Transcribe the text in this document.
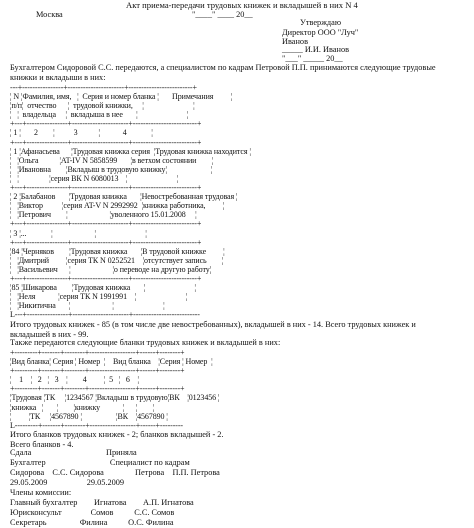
Акт приема-передачи трудовых книжек и вкладышей в них N 4
Москва	"____" ____ 20__
Утверждаю
Директор ООО "Луч"
Иванов
_____ И.И. Иванов
"___" _____ 20__
Бухгалтером Сидоровой С.С. передаются, а специалистом по кадрам Петровой П.П. принимаются следующие трудовые
книжки и вкладыши в них:
---+----------------+----------------------+-------------------------+
¦ N ¦Фамилия, имя,   ¦  Серия и номер бланка ¦       Примечания         ¦
¦п/п¦  отчество      ¦  трудовой книжки,     ¦                          ¦
¦   ¦  владельца     ¦  вкладыша в нее       ¦                          ¦
+---+----------------+----------------------+-------------------------+
¦ 1 ¦       2        ¦          3           ¦            4             ¦
+---+----------------+----------------------+-------------------------+
¦ 1 ¦Афанасьева      ¦Трудовая книжка серия  ¦Трудовая книжка находится ¦
¦   ¦Ольга           ¦AT-IV N 5858599       ¦в ветхом состоянии        ¦
¦   ¦Ивановна        ¦Вкладыш в трудовую книжку¦                       ¦
¦   ¦                ¦серия ВК N 6080013    ¦                          ¦
+---+----------------+----------------------+-------------------------+
¦ 2 ¦Балабанов       ¦Трудовая книжка       ¦Невостребованная трудовая ¦
¦   ¦Виктор          ¦серия AT-V N 2992992  ¦книжка работника,         ¦
¦   ¦Петрович        ¦                      ¦уволенного 15.01.2008     ¦
+---+----------------+----------------------+-------------------------+
¦ 3 ¦...             ¦                      ¦                          ¦
+---+----------------+----------------------+-------------------------+
¦84 ¦Черняков        ¦Трудовая книжка       ¦В трудовой книжке         ¦
¦   ¦Дмитрий         ¦серия ТК N 0252521    ¦отсутствует запись        ¦
¦   ¦Васильевич      ¦                      ¦о переводе на другую работу¦
+---+----------------+----------------------+-------------------------+
¦85 ¦Шикарова        ¦Трудовая книжка       ¦                          ¦
¦   ¦Неля            ¦серия ТК N 1991991    ¦                          ¦
¦   ¦Никитична       ¦                      ¦                          ¦
L---+----------------+----------------------+--------------------------
Итого трудовых книжек - 85 (в том числе две невостребованных), вкладышей в них - 14. Всего трудовых книжек и
вкладышей в них - 99.
Также передаются следующие бланки трудовых книжек и вкладышей в них:
+---------+-------+--------+------------------+------+--------+
¦Вид бланка¦ Серия ¦ Номер  ¦    Вид бланка    ¦Серия ¦ Номер  ¦
+---------+-------+--------+------------------+------+--------+
¦    1    ¦   2   ¦   3    ¦        4         ¦  5   ¦   6    ¦
+---------+-------+--------+------------------+------+--------+
¦Трудовая ¦ТК     ¦1234567 ¦Вкладыш в трудовую¦ВК    ¦0123456 ¦
¦книжка   ¦       ¦        ¦книжку            ¦      ¦        ¦
¦         ¦ТК     ¦4567890 ¦                  ¦ВК    ¦4567890 ¦
L---------+-------+--------+------------------+------+---------
Итого бланков трудовых книжек - 2; бланков вкладышей - 2.
Всего бланков - 4.
Сдала                                    Приняла
Бухгалтер                               Специалист по кадрам
Сидорова    С.С. Сидорова               Петрова    П.П. Петрова
29.05.2009                   29.05.2009
Члены комиссии:
Главный бухгалтер        Игнатова        А.П. Игнатова
Юрисконсульт              Сомов          С.С. Сомов
Секретарь                Филина          О.С. Филина
